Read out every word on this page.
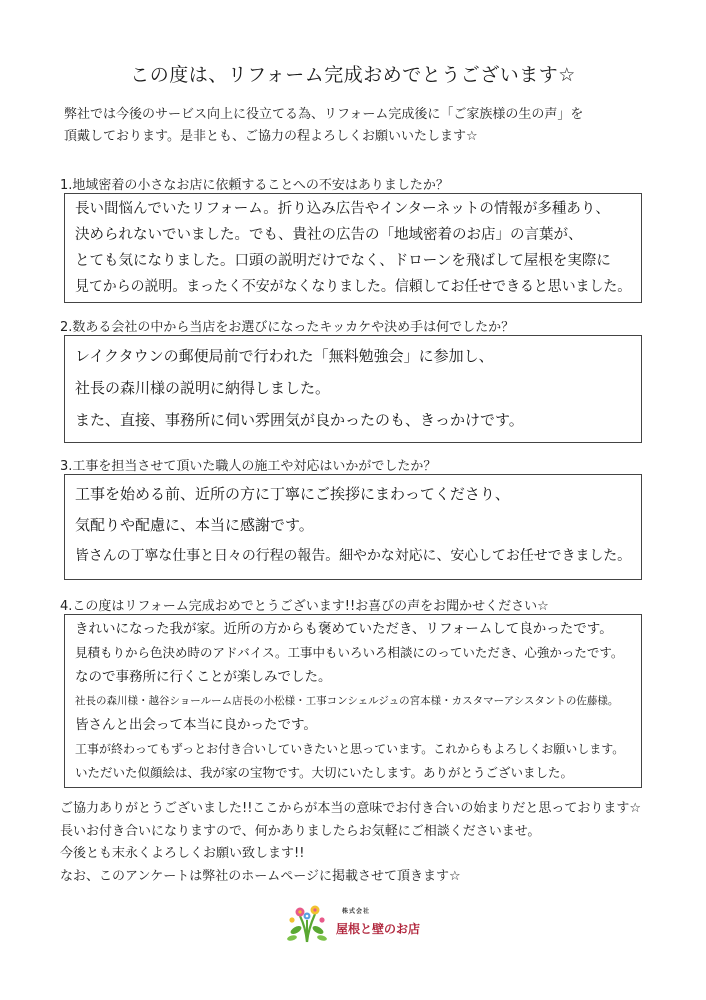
この度は、リフォーム完成おめでとうございます☆
弊社では今後のサービス向上に役立てる為、リフォーム完成後に「ご家族様の生の声」を
頂戴しております。是非とも、ご協力の程よろしくお願いいたします☆
1.地域密着の小さなお店に依頼することへの不安はありましたか？
長い間悩んでいたリフォーム。折り込み広告やインターネットの情報が多種あり、
決められないでいました。でも、貴社の広告の「地域密着のお店」の言葉が、
とても気になりました。口頭の説明だけでなく、ドローンを飛ばして屋根を実際に
見てからの説明。まったく不安がなくなりました。信頼してお任せできると思いました。
2.数ある会社の中から当店をお選びになったキッカケや決め手は何でしたか？
レイクタウンの郵便局前で行われた「無料勉強会」に参加し、
社長の森川様の説明に納得しました。
また、直接、事務所に伺い雰囲気が良かったのも、きっかけです。
3.工事を担当させて頂いた職人の施工や対応はいかがでしたか？
工事を始める前、近所の方に丁寧にご挨拶にまわってくださり、
気配りや配慮に、本当に感謝です。
皆さんの丁寧な仕事と日々の行程の報告。細やかな対応に、安心してお任せできました。
4.この度はリフォーム完成おめでとうございます!!お喜びの声をお聞かせください☆
きれいになった我が家。近所の方からも褒めていただき、リフォームして良かったです。
見積もりから色決め時のアドバイス。工事中もいろいろ相談にのっていただき、心強かったです。
なので事務所に行くことが楽しみでした。
社長の森川様・越谷ショールーム店長の小松様・工事コンシェルジュの宮本様・カスタマーアシスタントの佐藤様。
皆さんと出会って本当に良かったです。
工事が終わってもずっとお付き合いしていきたいと思っています。これからもよろしくお願いします。
いただいた似顔絵は、我が家の宝物です。大切にいたします。ありがとうございました。
ご協力ありがとうございました!!ここからが本当の意味でお付き合いの始まりだと思っております☆
長いお付き合いになりますので、何かありましたらお気軽にご相談くださいませ。
今後とも末永くよろしくお願い致します!!
なお、このアンケートは弊社のホームページに掲載させて頂きます☆
株式会社
屋根と壁のお店
